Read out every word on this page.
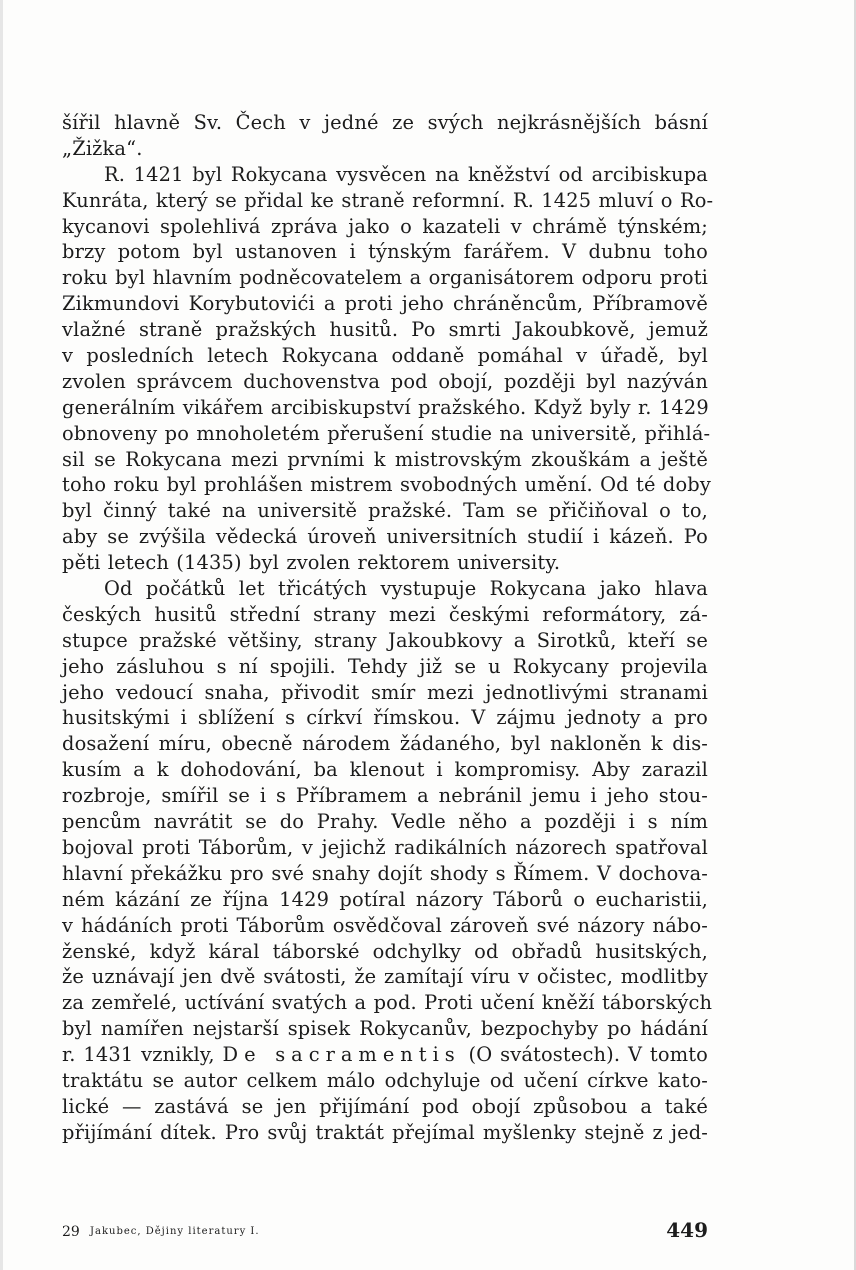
šířil hlavně Sv. Čech v jedné ze svých nejkrásnějších básní
„Žižka“.
R. 1421 byl Rokycana vysvěcen na kněžství od arcibiskupa
Kunráta, který se přidal ke straně reformní. R. 1425 mluví o Ro-
kycanovi spolehlivá zpráva jako o kazateli v chrámě týnském;
brzy potom byl ustanoven i týnským farářem. V dubnu toho
roku byl hlavním podněcovatelem a organisátorem odporu proti
Zikmundovi Korybutovići a proti jeho chráněncům, Příbramově
vlažné straně pražských husitů. Po smrti Jakoubkově, jemuž
v posledních letech Rokycana oddaně pomáhal v úřadě, byl
zvolen správcem duchovenstva pod obojí, později byl nazýván
generálním vikářem arcibiskupství pražského. Když byly r. 1429
obnoveny po mnoholetém přerušení studie na universitě, přihlá-
sil se Rokycana mezi prvními k mistrovským zkouškám a ještě
toho roku byl prohlášen mistrem svobodných umění. Od té doby
byl činný také na universitě pražské. Tam se přičiňoval o to,
aby se zvýšila vědecká úroveň universitních studií i kázeň. Po
pěti letech (1435) byl zvolen rektorem university.
Od počátků let třicátých vystupuje Rokycana jako hlava
českých husitů střední strany mezi českými reformátory, zá-
stupce pražské většiny, strany Jakoubkovy a Sirotků, kteří se
jeho zásluhou s ní spojili. Tehdy již se u Rokycany projevila
jeho vedoucí snaha, přivodit smír mezi jednotlivými stranami
husitskými i sblížení s církví římskou. V zájmu jednoty a pro
dosažení míru, obecně národem žádaného, byl nakloněn k dis-
kusím a k dohodování, ba klenout i kompromisy. Aby zarazil
rozbroje, smířil se i s Příbramem a nebránil jemu i jeho stou-
pencům navrátit se do Prahy. Vedle něho a později i s ním
bojoval proti Táborům, v jejichž radikálních názorech spatřoval
hlavní překážku pro své snahy dojít shody s Římem. V dochova-
ném kázání ze října 1429 potíral názory Táborů o eucharistii,
v hádáních proti Táborům osvědčoval zároveň své názory nábo-
ženské, když káral táborské odchylky od obřadů husitských,
že uznávají jen dvě svátosti, že zamítají víru v očistec, modlitby
za zemřelé, uctívání svatých a pod. Proti učení kněží táborských
byl namířen nejstarší spisek Rokycanův, bezpochyby po hádání
r. 1431 vznikly, De sacramentis (O svátostech). V tomto
traktátu se autor celkem málo odchyluje od učení církve kato-
lické — zastává se jen přijímání pod obojí způsobou a také
přijímání dítek. Pro svůj traktát přejímal myšlenky stejně z jed-
29 Jakubec, Dějiny literatury I.	449
